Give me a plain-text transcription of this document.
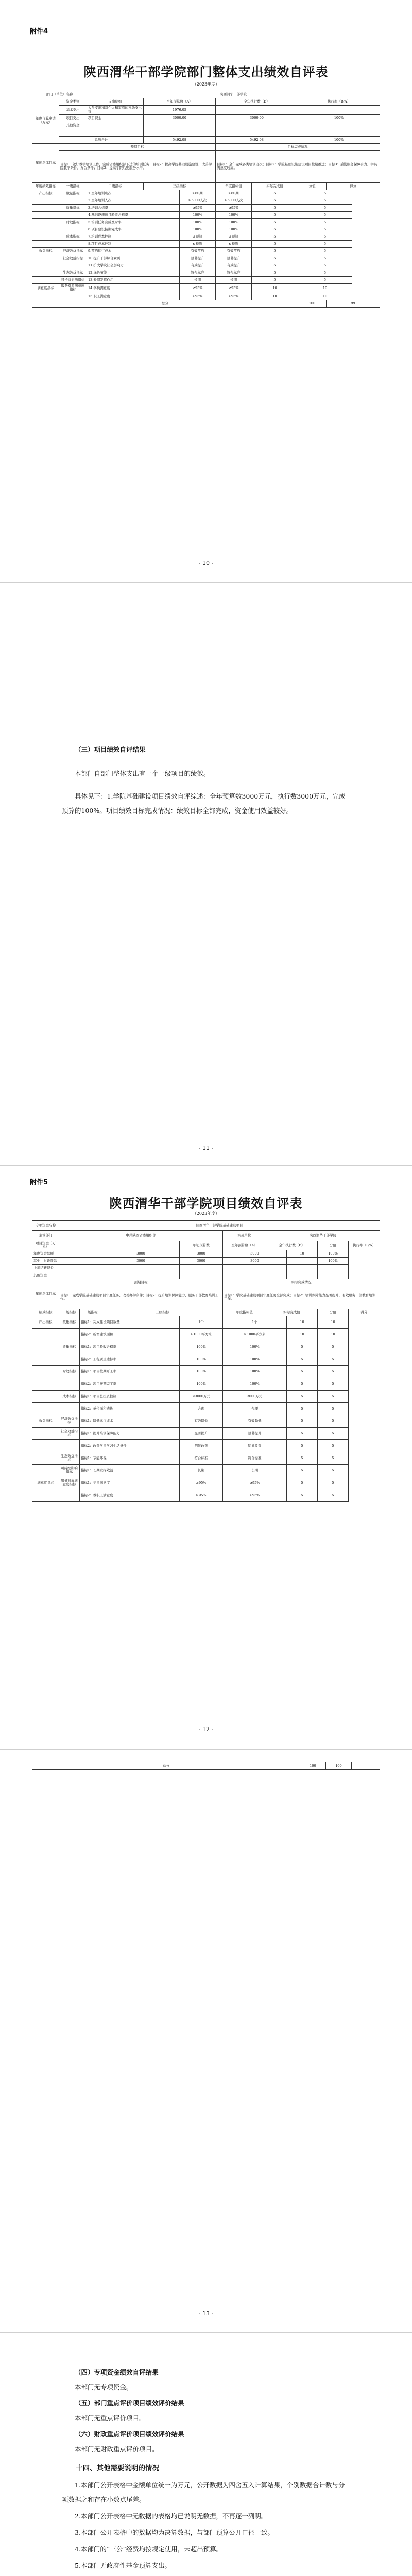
附件4
陕西渭华干部学院部门整体支出绩效自评表
（2023年度）
部门（单位）名称		陕西渭华干部学院						
年度预算申请（万元）	资金类别	支出明细	全年预算数（A）		全年执行数（B）		执行率（B/A）	
	基本支出	人员支出和对个人和家庭的补助支出等	1976.05					
	项目支出	项目资金	3000.00		3000.00		100%	
	其他资金							
	……							
	总额合计		5492.08		5492.08		100%	
年度总体目标	预期目标				目标完成情况			
	目标1：做好教学培训工作，完成省委组织部下达的培训任务；目标2：提高学院基础设施建设，改善学院教学条件、办公条件；目标3：提高学院后勤服务水平。				目标1：全年完成各类培训班次；目标2：学院基础设施建设项目按期推进；目标3：后勤服务保障有力，学员满意度较高。			
年度绩效指标	一级指标	二级指标	三级指标		年度指标值	实际完成值	分值	得分
产出指标	数量指标	1.全年培训班次		≥60期	≥60期	5	5	
		2.全年培训人次		≥6000人次	≥6000人次	5	5	
	质量指标	3.培训合格率		≥95%	≥95%	5	5	
		4.基础设施项目验收合格率		100%	100%	5	5	
	时效指标	5.培训任务完成及时率		100%	100%	5	5	
		6.项目建设按期完成率		100%	100%	5	5	
	成本指标	7.培训成本控制		≤预算	≤预算	5	5	
		8.项目成本控制		≤预算	≤预算	5	5	
效益指标	经济效益指标	9.节约运行成本		有效节约	有效节约	5	5	
	社会效益指标	10.提升干部综合素质		显著提升	显著提升	5	5	
		11.扩大学院社会影响力		有效提升	有效提升	5	5	
	生态效益指标	12.绿色节能		符合标准	符合标准	5	5	
	可持续影响指标	13.长期发挥作用		长期	长期	5	5	
满意度指标	服务对象满意度指标	14.学员满意度		≥95%	≥95%	10	10	
		15.职工满意度		≥95%	≥95%	10	10	
总分							100	99
- 10 -
（三）项目绩效自评结果
本部门自部门整体支出有一个一级项目的绩效。
具体见下：1.学院基础建设项目绩效自评综述：全年预算数3000万元，执行数3000万元，完成预算的100%。项目绩效目标完成情况：绩效目标全部完成，资金使用效益较好。
- 11 -
附件5
陕西渭华干部学院项目绩效自评表
（2023年度）
专项资金名称	陕西渭华干部学院基础建设项目								
主管部门	中共陕西省委组织部				实施单位	陕西渭华干部学院			
项目资金（万元）				年初预算数	全年预算数（A）	全年执行数（B）		分值	执行率（B/A）
年度资金总额			3000	3000	3000		10	100%	
其中：财政拨款			3000	3000	3000			100%	
上年结转资金									
其他资金									
年度总体目标	预期目标				实际完成情况				
	目标1：完成学院基础建设项目年度任务，改善办学条件；目标2：提升培训保障能力，服务干部教育培训工作。				目标1：学院基础建设项目年度任务全部完成；目标2：培训保障能力显著提升，有效服务干部教育培训工作。				
绩效指标	一级指标	二级指标	三级指标		年度指标值	实际完成值		分值	得分
产出指标	数量指标	指标1：完成建设项目数量		1个	1个		10	10	
		指标2：新增建筑面积		≥1000平方米	≥1000平方米		10	10	
	质量指标	指标1：项目验收合格率		100%	100%		5	5	
		指标2：工程质量达标率		100%	100%		5	5	
	时效指标	指标1：项目按期开工率		100%	100%		5	5	
		指标2：项目按期完工率		100%	100%		5	5	
	成本指标	指标1：项目总投资控制		≤3000万元	3000万元		5	5	
		指标2：单位面积造价		合理	合理		5	5	
效益指标	经济效益指标	指标1：降低运行成本		有效降低	有效降低		5	5	
	社会效益指标	指标1：提升培训保障能力		显著提升	显著提升		5	5	
		指标2：改善学员学习生活条件		明显改善	明显改善		5	5	
	生态效益指标	指标1：节能环保		符合标准	符合标准		5	5	
	可持续影响指标	指标1：长期发挥效益		长期	长期		5	5	
满意度指标	服务对象满意度指标	指标1：学员满意度		≥95%	≥95%		5	5	
		指标2：教职工满意度		≥95%	≥95%		5	5	
- 12 -
总分	100	100	
- 13 -
（四）专项资金绩效自评结果
本部门无专项资金。
（五）部门重点评价项目绩效评价结果
本部门无重点评价项目。
（六）财政重点评价项目绩效评价结果
本部门无财政重点评价项目。
十四、其他需要说明的情况
1.本部门公开表格中金额单位统一为万元，公开数据为四舍五入计算结果，个别数据合计数与分项数据之和存在小数点尾差。
2.本部门公开表格中无数据的表格均已说明无数据，不再逐一列明。
3.本部门公开表格中的数据均为决算数据，与部门预算公开口径一致。
4.本部门的“三公”经费均按规定使用，未超出预算。
5.本部门无政府性基金预算支出。
